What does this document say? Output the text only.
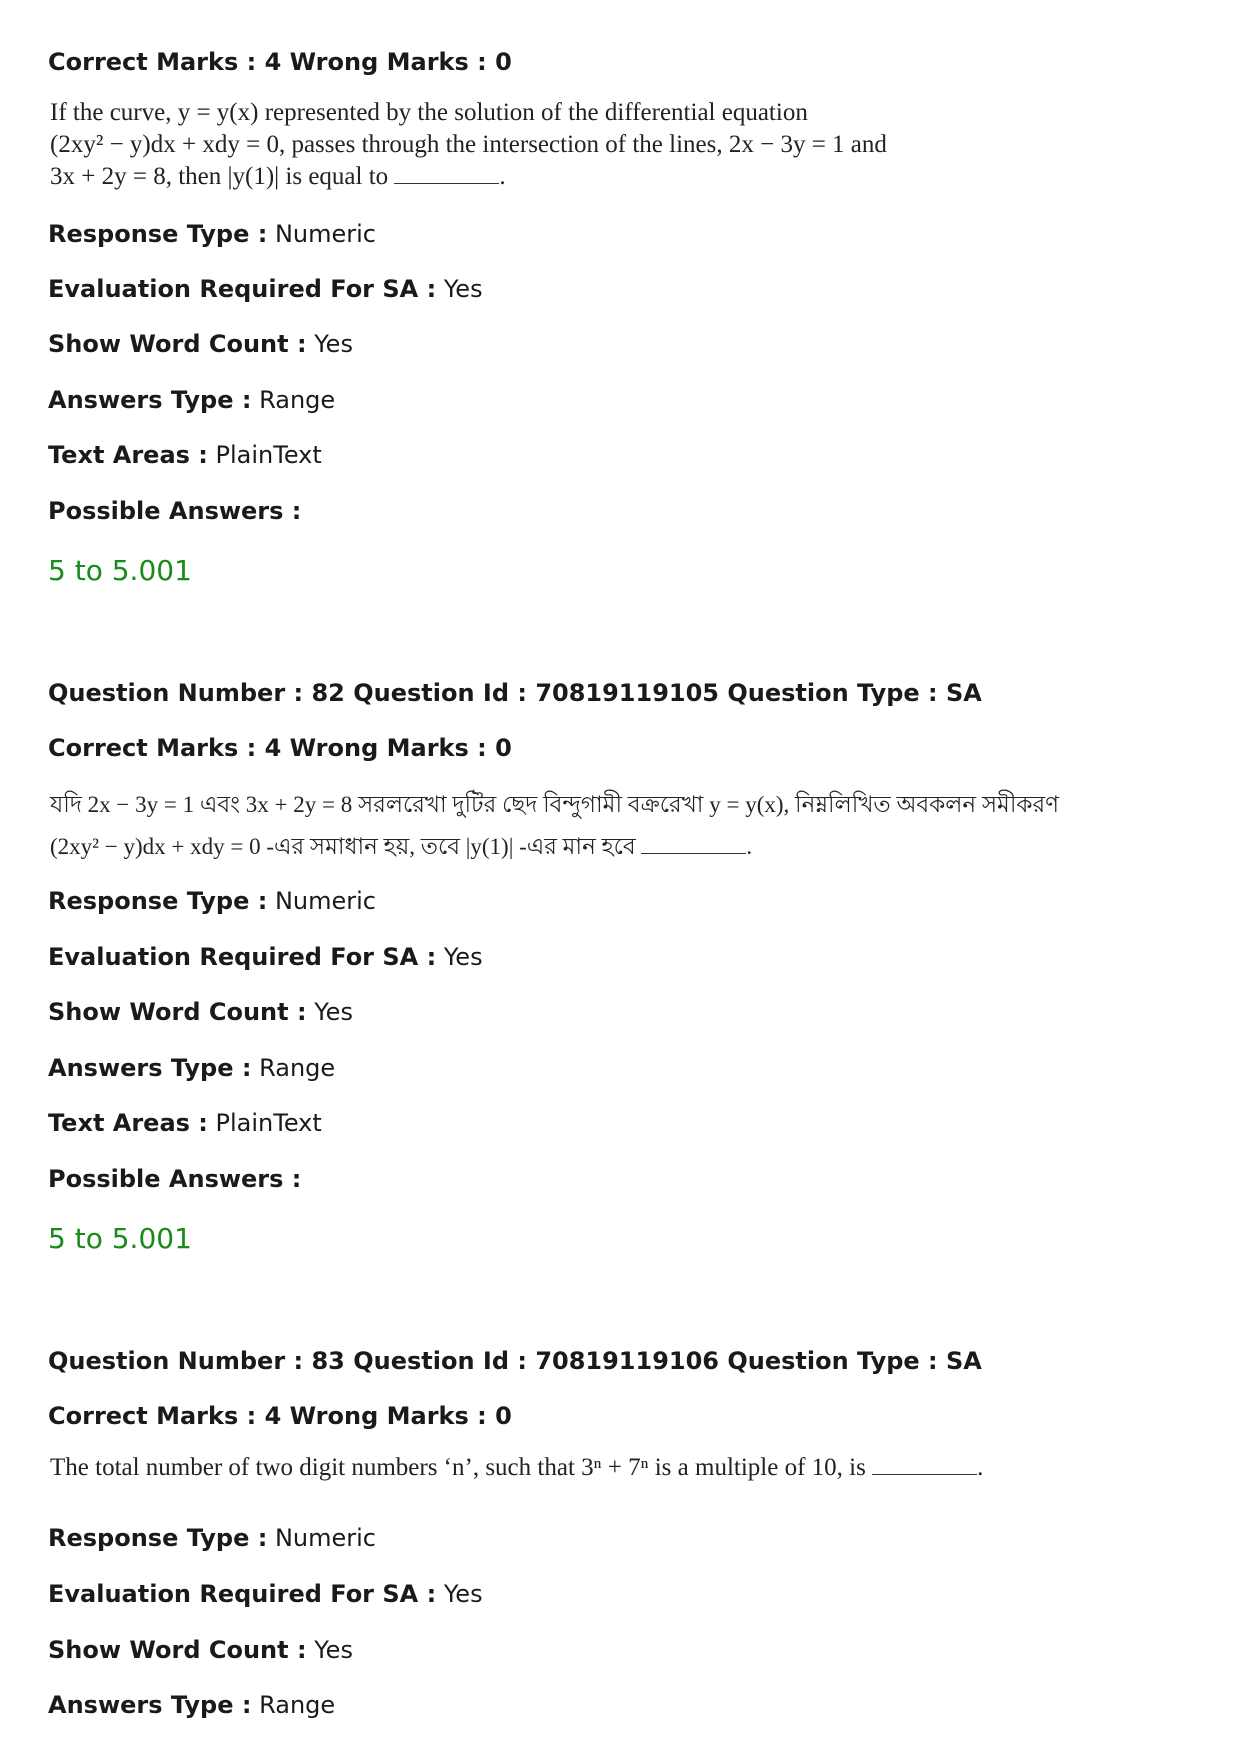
Correct Marks : 4 Wrong Marks : 0
If the curve, y = y(x) represented by the solution of the differential equation
(2xy² − y)dx + xdy = 0, passes through the intersection of the lines, 2x − 3y = 1 and
3x + 2y = 8, then |y(1)| is equal to	.
Response Type : Numeric
Evaluation Required For SA : Yes
Show Word Count : Yes
Answers Type : Range
Text Areas : PlainText
Possible Answers :
5 to 5.001
Question Number : 82 Question Id : 70819119105 Question Type : SA
Correct Marks : 4 Wrong Marks : 0
যদি 2x − 3y = 1 এবং 3x + 2y = 8 সরলরেখা দুটির ছেদ বিন্দুগামী বক্ররেখা y = y(x), নিম্নলিখিত অবকলন সমীকরণ
(2xy² − y)dx + xdy = 0 -এর সমাধান হয়, তবে |y(1)| -এর মান হবে	.
Response Type : Numeric
Evaluation Required For SA : Yes
Show Word Count : Yes
Answers Type : Range
Text Areas : PlainText
Possible Answers :
5 to 5.001
Question Number : 83 Question Id : 70819119106 Question Type : SA
Correct Marks : 4 Wrong Marks : 0
The total number of two digit numbers ‘n’, such that 3ⁿ + 7ⁿ is a multiple of 10, is	.
Response Type : Numeric
Evaluation Required For SA : Yes
Show Word Count : Yes
Answers Type : Range
